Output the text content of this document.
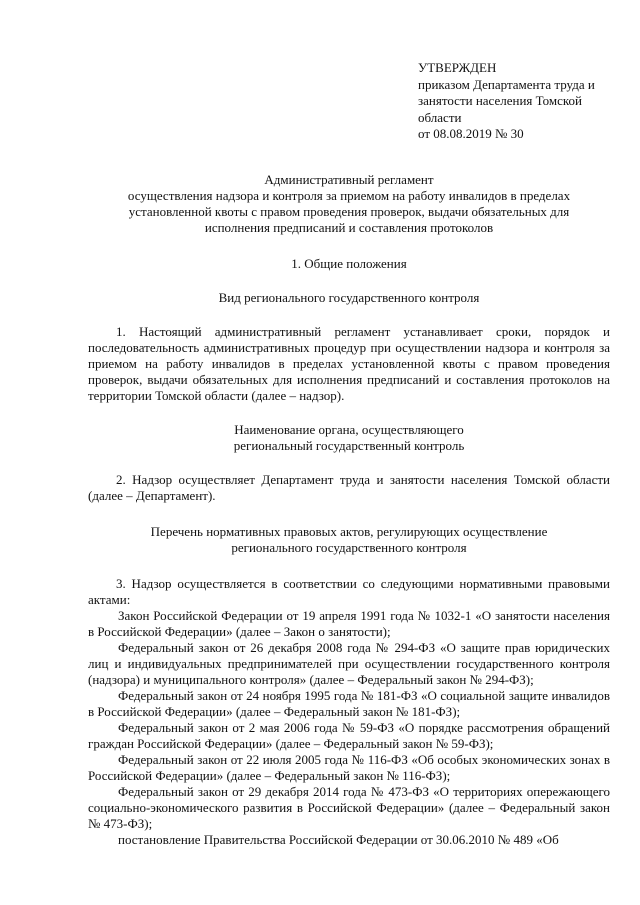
УТВЕРЖДЕН
приказом Департамента труда и
занятости населения Томской
области
от 08.08.2019 № 30
Административный регламент
осуществления надзора и контроля за приемом на работу инвалидов в пределах
установленной квоты с правом проведения проверок, выдачи обязательных для
исполнения предписаний и составления протоколов
1. Общие положения
Вид регионального государственного контроля

1. Настоящий административный регламент устанавливает сроки, порядок и последовательность административных процедур при осуществлении надзора и контроля за приемом на работу инвалидов в пределах установленной квоты с правом проведения проверок, выдачи обязательных для исполнения предписаний и составления протоколов на территории Томской области (далее – надзор).

Наименование органа, осуществляющего
региональный государственный контроль

2. Надзор осуществляет Департамент труда и занятости населения Томской области (далее – Департамент).

Перечень нормативных правовых актов, регулирующих осуществление
регионального государственного контроля

3. Надзор осуществляется в соответствии со следующими нормативными правовыми актами:

Закон Российской Федерации от 19 апреля 1991 года № 1032-1 «О занятости населения в Российской Федерации» (далее – Закон о занятости);

Федеральный закон от 26 декабря 2008 года № 294-ФЗ «О защите прав юридических лиц и индивидуальных предпринимателей при осуществлении государственного контроля (надзора) и муниципального контроля» (далее – Федеральный закон № 294-ФЗ);

Федеральный закон от 24 ноября 1995 года № 181-ФЗ «О социальной защите инвалидов в Российской Федерации» (далее – Федеральный закон № 181-ФЗ);

Федеральный закон от 2 мая 2006 года № 59-ФЗ «О порядке рассмотрения обращений граждан Российской Федерации» (далее – Федеральный закон № 59-ФЗ);

Федеральный закон от 22 июля 2005 года № 116-ФЗ «Об особых экономических зонах в Российской Федерации» (далее – Федеральный закон № 116-ФЗ);

Федеральный закон от 29 декабря 2014 года № 473-ФЗ «О территориях опережающего социально-экономического развития в Российской Федерации» (далее – Федеральный закон № 473-ФЗ);

постановление Правительства Российской Федерации от 30.06.2010 № 489 «Об
